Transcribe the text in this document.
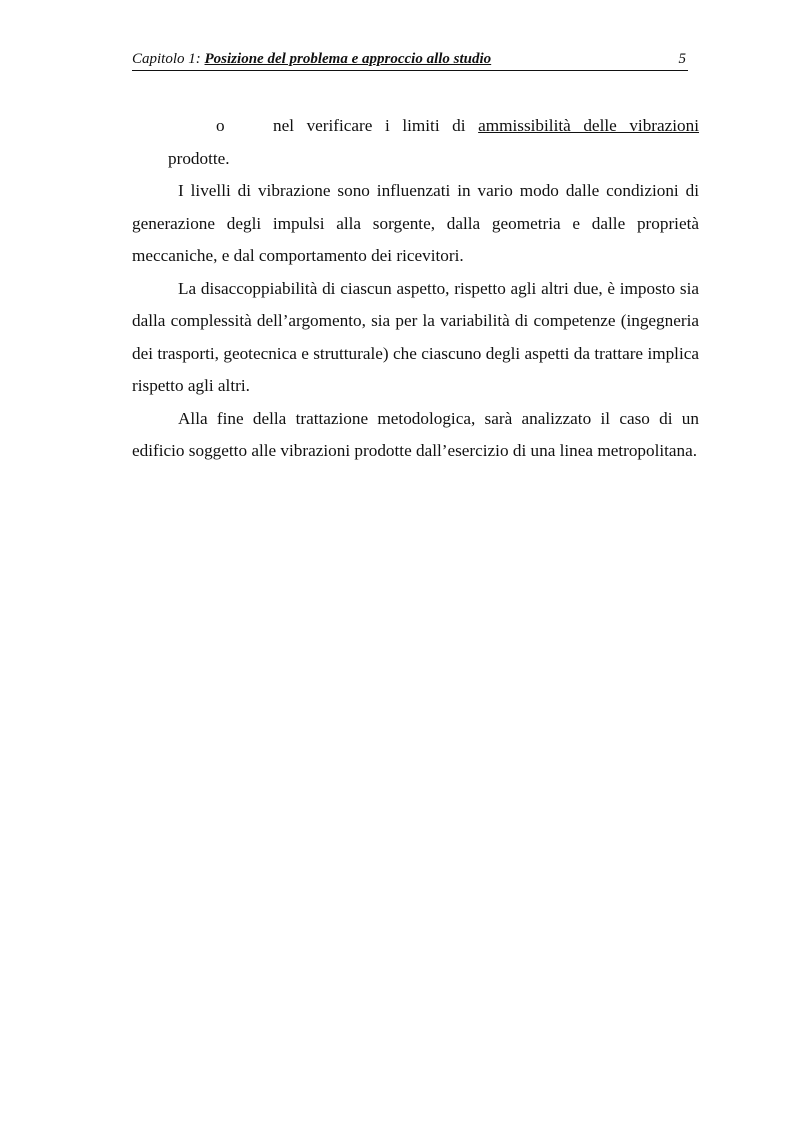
Capitolo 1: Posizione del problema e approccio allo studio	5
o	nel verificare i limiti di ammissibilità delle vibrazioni
prodotte.

I livelli di vibrazione sono influenzati in vario modo dalle condizioni di generazione degli impulsi alla sorgente, dalla geometria e dalle proprietà meccaniche, e dal comportamento dei ricevitori.

La disaccoppiabilità di ciascun aspetto, rispetto agli altri due, è imposto sia dalla complessità dell’argomento, sia per la variabilità di competenze (ingegneria dei trasporti, geotecnica e strutturale) che ciascuno degli aspetti da trattare implica rispetto agli altri.

Alla fine della trattazione metodologica, sarà analizzato il caso di un edificio soggetto alle vibrazioni prodotte dall’esercizio di una linea metropolitana.
